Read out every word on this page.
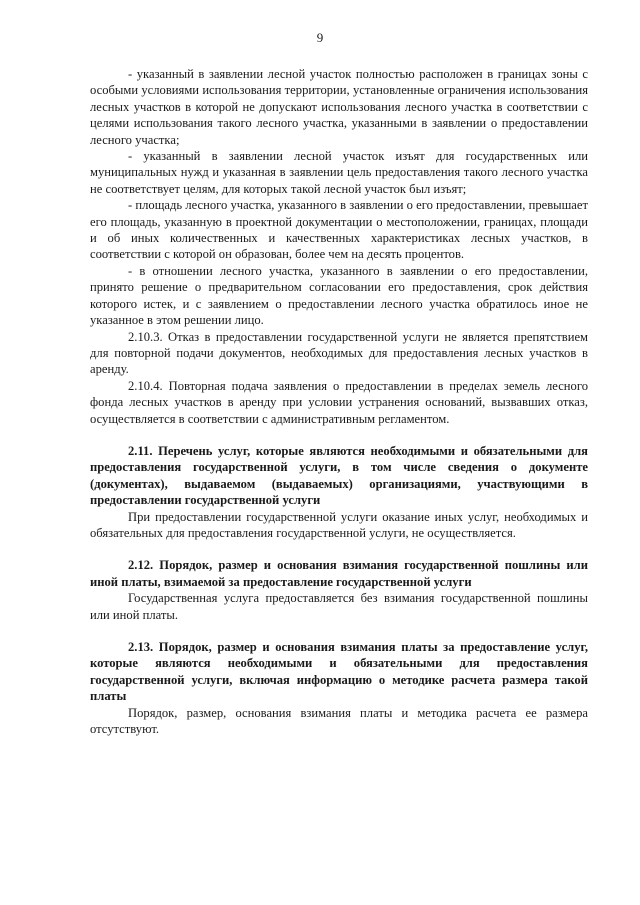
9

- указанный в заявлении лесной участок полностью расположен в границах зоны с особыми условиями использования территории, установленные ограничения использования лесных участков в которой не допускают использования лесного участка в соответствии с целями использования такого лесного участка, указанными в заявлении о предоставлении лесного участка;

- указанный в заявлении лесной участок изъят для государственных или муниципальных нужд и указанная в заявлении цель предоставления такого лесного участка не соответствует целям, для которых такой лесной участок был изъят;

- площадь лесного участка, указанного в заявлении о его предоставлении, превышает его площадь, указанную в проектной документации о местоположении, границах, площади и об иных количественных и качественных характеристиках лесных участков, в соответствии с которой он образован, более чем на десять процентов.

- в отношении лесного участка, указанного в заявлении о его предоставлении, принято решение о предварительном согласовании его предоставления, срок действия которого истек, и с заявлением о предоставлении лесного участка обратилось иное не указанное в этом решении лицо.

2.10.3. Отказ в предоставлении государственной услуги не является препятствием для повторной подачи документов, необходимых для предоставления лесных участков в аренду.

2.10.4. Повторная подача заявления о предоставлении в пределах земель лесного фонда лесных участков в аренду при условии устранения оснований, вызвавших отказ, осуществляется в соответствии с административным регламентом.

2.11. Перечень услуг, которые являются необходимыми и обязательными для предоставления государственной услуги, в том числе сведения о документе (документах), выдаваемом (выдаваемых) организациями, участвующими в предоставлении государственной услуги

При предоставлении государственной услуги оказание иных услуг, необходимых и обязательных для предоставления государственной услуги, не осуществляется.

2.12. Порядок, размер и основания взимания государственной пошлины или иной платы, взимаемой за предоставление государственной услуги

Государственная услуга предоставляется без взимания государственной пошлины или иной платы.

2.13. Порядок, размер и основания взимания платы за предоставление услуг, которые являются необходимыми и обязательными для предоставления государственной услуги, включая информацию о методике расчета размера такой платы

Порядок, размер, основания взимания платы и методика расчета ее размера отсутствуют.
